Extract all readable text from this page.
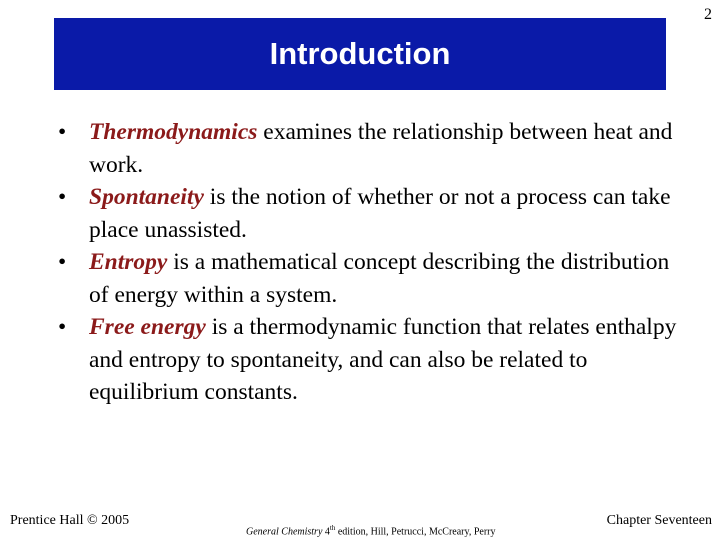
2
Introduction
• Thermodynamics examines the relationship between heat and work.
• Spontaneity is the notion of whether or not a process can take place unassisted.
• Entropy is a mathematical concept describing the distribution of energy within a system.
• Free energy is a thermodynamic function that relates enthalpy and entropy to spontaneity, and can also be related to equilibrium constants.
Prentice Hall © 2005
General Chemistry 4th edition, Hill, Petrucci, McCreary, Perry
Chapter Seventeen
